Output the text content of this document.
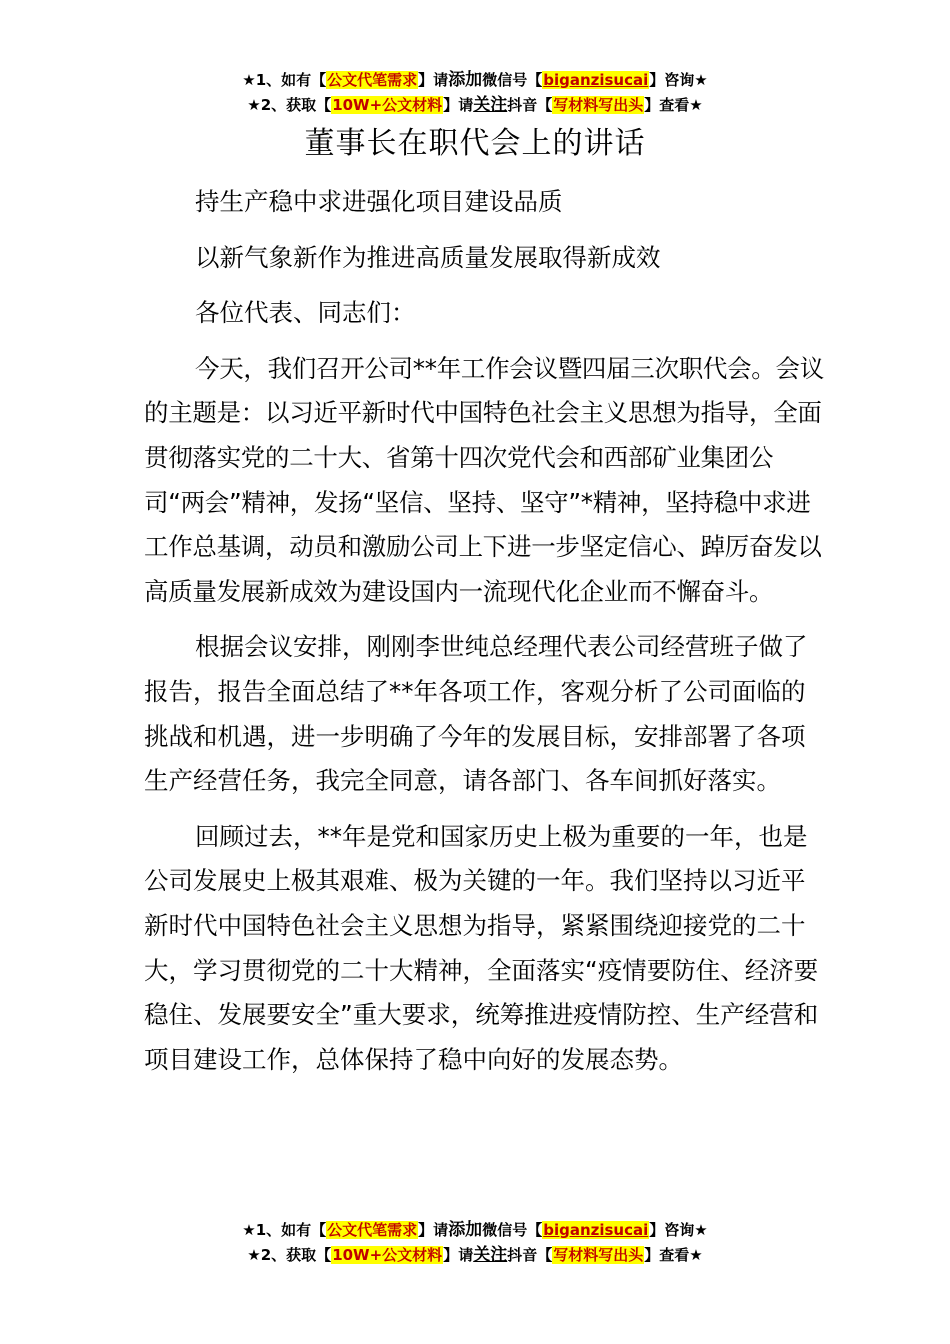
★1、如有【公文代笔需求】请添加微信号【biganzisucai】咨询★
★2、获取【10W+公文材料】请关注抖音【写材料写出头】查看★
董事长在职代会上的讲话

持生产稳中求进强化项目建设品质

以新气象新作为推进高质量发展取得新成效

各位代表、同志们：

今天，我们召开公司**年工作会议暨四届三次职代会。会议的主题是：以习近平新时代中国特色社会主义思想为指导，全面贯彻落实党的二十大、省第十四次党代会和西部矿业集团公司“两会”精神，发扬“坚信、坚持、坚守”*精神，坚持稳中求进工作总基调，动员和激励公司上下进一步坚定信心、踔厉奋发以高质量发展新成效为建设国内一流现代化企业而不懈奋斗。

根据会议安排，刚刚李世纯总经理代表公司经营班子做了报告，报告全面总结了**年各项工作，客观分析了公司面临的挑战和机遇，进一步明确了今年的发展目标，安排部署了各项生产经营任务，我完全同意，请各部门、各车间抓好落实。

回顾过去，**年是党和国家历史上极为重要的一年，也是公司发展史上极其艰难、极为关键的一年。我们坚持以习近平新时代中国特色社会主义思想为指导，紧紧围绕迎接党的二十大，学习贯彻党的二十大精神，全面落实“疫情要防住、经济要稳住、发展要安全”重大要求，统筹推进疫情防控、生产经营和项目建设工作，总体保持了稳中向好的发展态势。

★1、如有【公文代笔需求】请添加微信号【biganzisucai】咨询★
★2、获取【10W+公文材料】请关注抖音【写材料写出头】查看★
